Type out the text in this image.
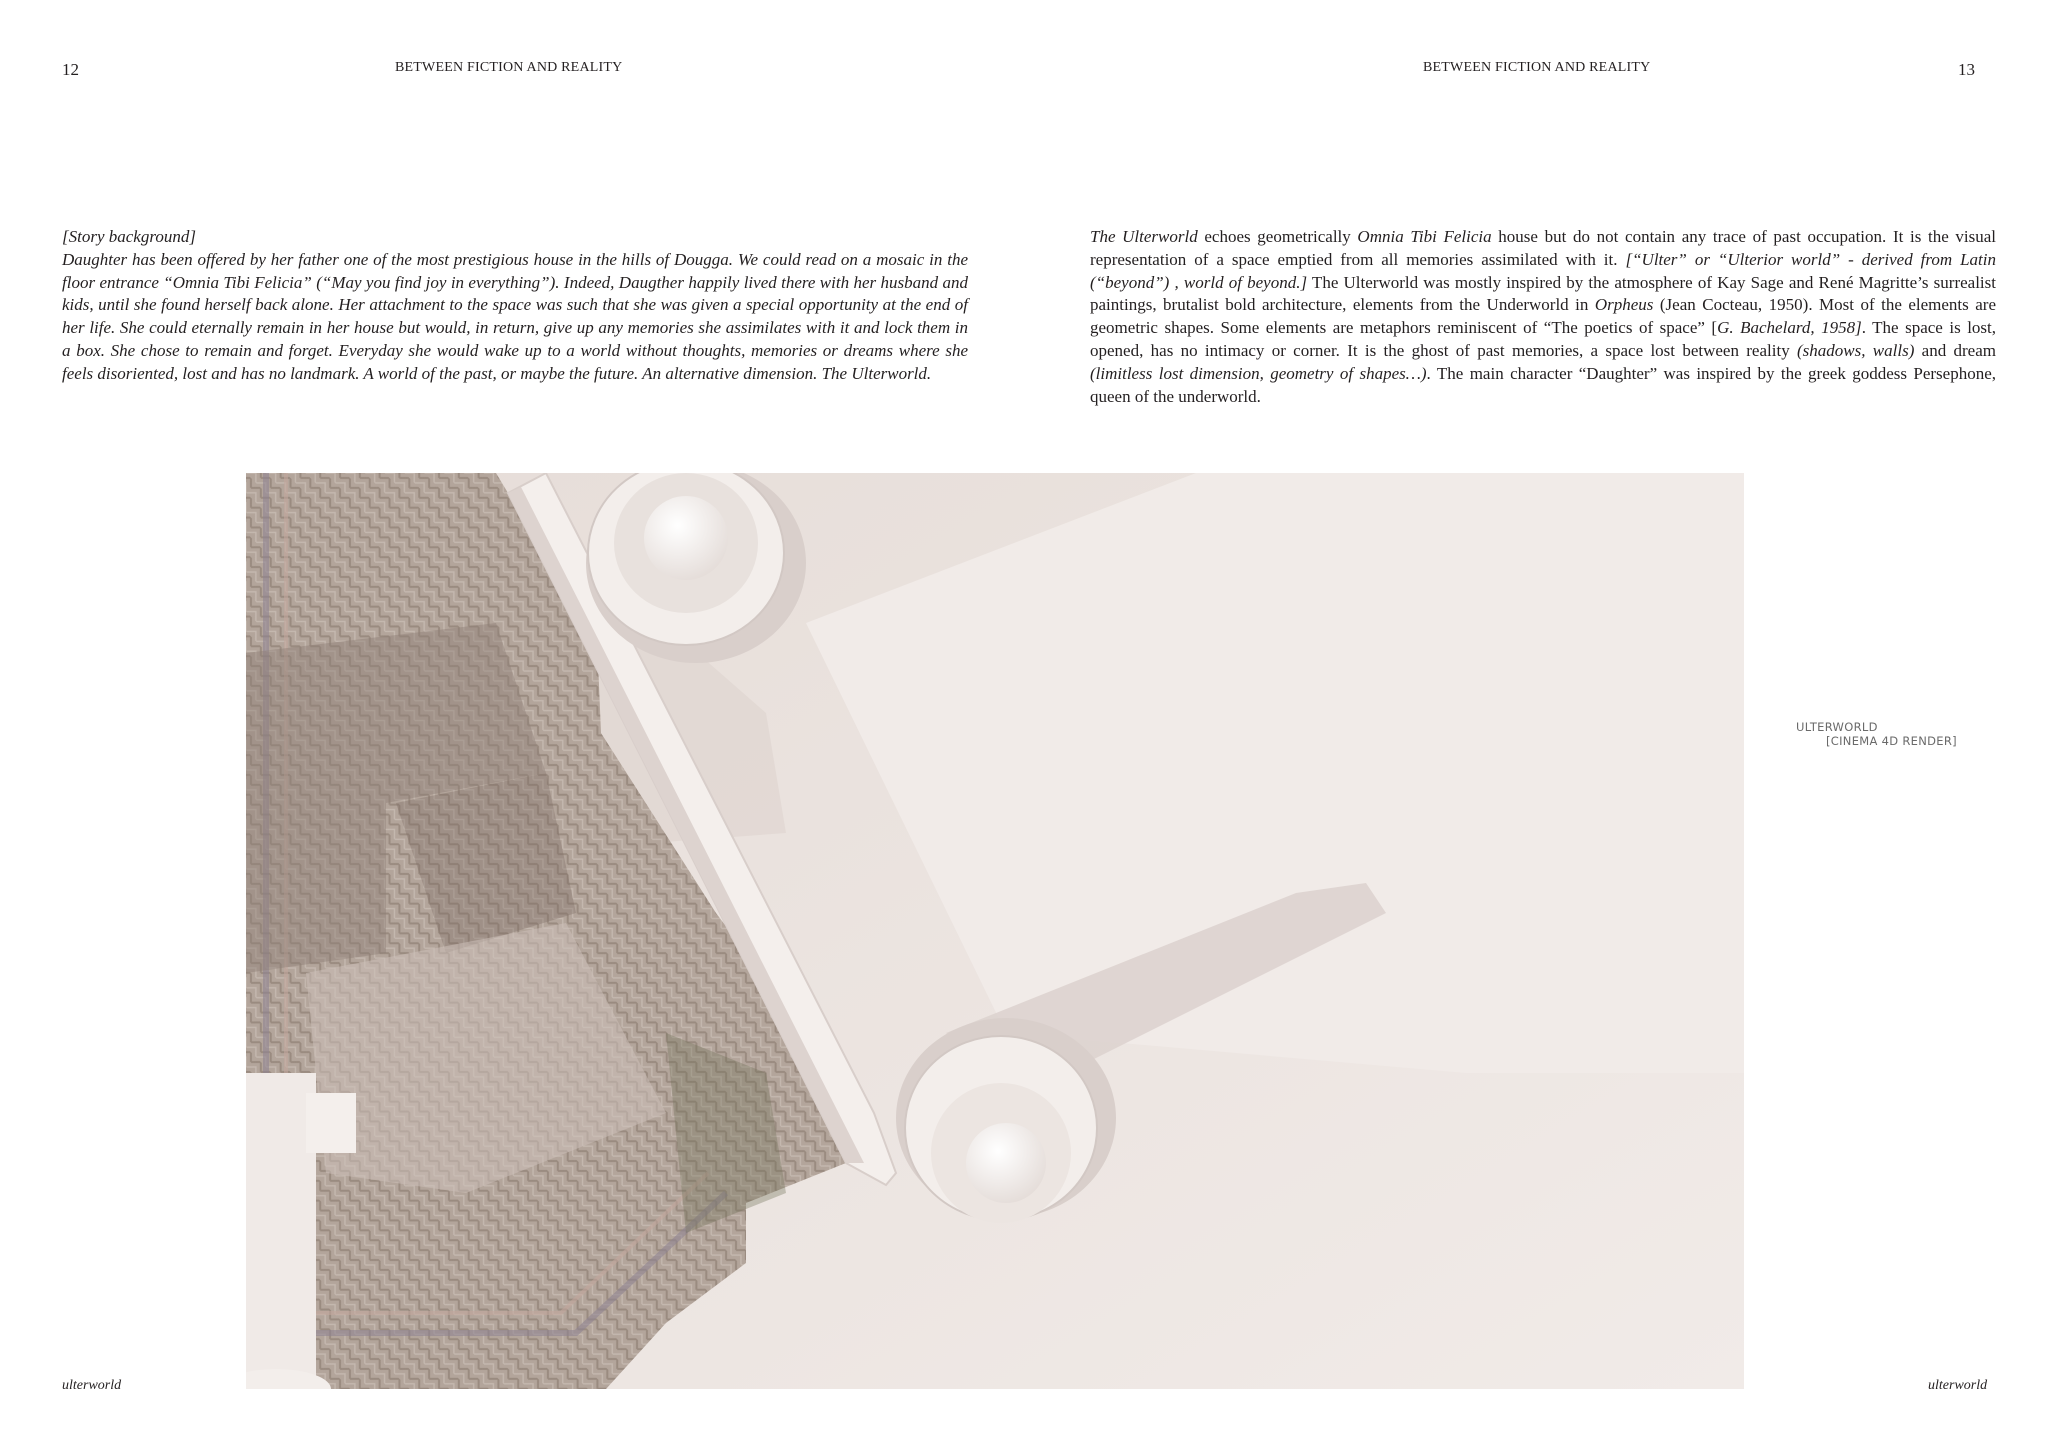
12	BETWEEN FICTION AND REALITY	BETWEEN FICTION AND REALITY	13

[Story background]

Daughter has been offered by her father one of the most prestigious house in the hills of Dougga. We could read on a mosaic in the floor entrance “Omnia Tibi Felicia” (“May you find joy in everything”). Indeed, Daugther happily lived there with her husband and kids, until she found herself back alone. Her attachment to the space was such that she was given a special opportunity at the end of her life. She could eternally remain in her house but would, in return, give up any memories she assimilates with it and lock them in a box. She chose to remain and forget. Everyday she would wake up to a world without thoughts, memories or dreams where she feels disoriented, lost and has no landmark. A world of the past, or maybe the future. An alternative dimension. The Ulterworld.

The Ulterworld echoes geometrically Omnia Tibi Felicia house but do not contain any trace of past occupation. It is the visual representation of a space emptied from all memories assimilated with it. [“Ulter” or “Ulterior world” - derived from Latin (“beyond”) , world of beyond.] The Ulterworld was mostly inspired by the atmosphere of Kay Sage and René Magritte’s surrealist paintings, brutalist bold architecture, elements from the Underworld in Orpheus (Jean Cocteau, 1950). Most of the elements are geometric shapes. Some elements are metaphors reminiscent of “The poetics of space” [G. Bachelard, 1958]. The space is lost, opened, has no intimacy or corner. It is the ghost of past memories, a space lost between reality (shadows, walls) and dream (limitless lost dimension, geometry of shapes…). The main character “Daughter” was inspired by the greek goddess Persephone, queen of the underworld.

ULTERWORLD
[CINEMA 4D RENDER]
ulterworld	ulterworld
